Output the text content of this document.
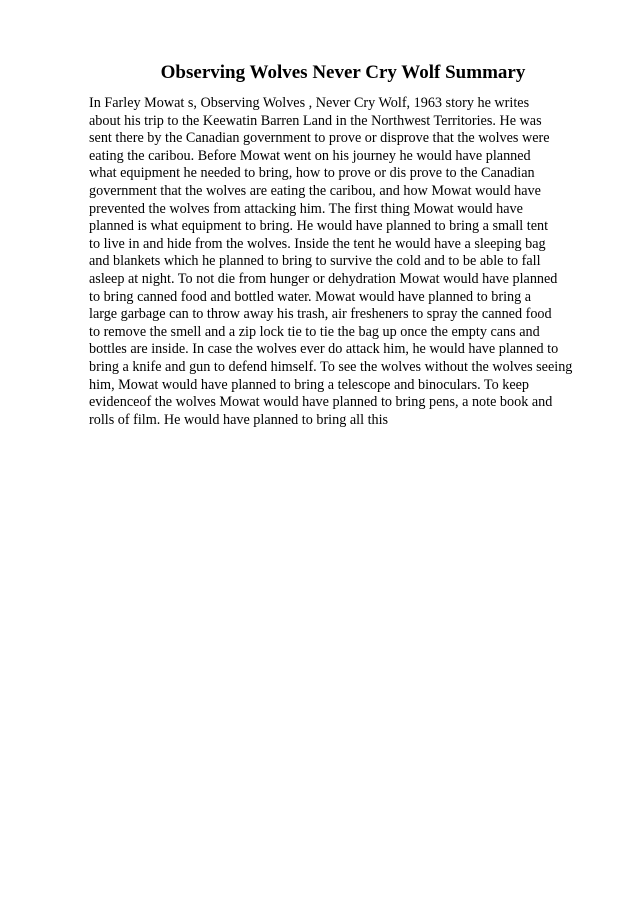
Observing Wolves Never Cry Wolf Summary
In Farley Mowat s, Observing Wolves , Never Cry Wolf, 1963 story he writes
about his trip to the Keewatin Barren Land in the Northwest Territories. He was
sent there by the Canadian government to prove or disprove that the wolves were
eating the caribou. Before Mowat went on his journey he would have planned
what equipment he needed to bring, how to prove or dis prove to the Canadian
government that the wolves are eating the caribou, and how Mowat would have
prevented the wolves from attacking him. The first thing Mowat would have
planned is what equipment to bring. He would have planned to bring a small tent
to live in and hide from the wolves. Inside the tent he would have a sleeping bag
and blankets which he planned to bring to survive the cold and to be able to fall
asleep at night. To not die from hunger or dehydration Mowat would have planned
to bring canned food and bottled water. Mowat would have planned to bring a
large garbage can to throw away his trash, air fresheners to spray the canned food
to remove the smell and a zip lock tie to tie the bag up once the empty cans and
bottles are inside. In case the wolves ever do attack him, he would have planned to
bring a knife and gun to defend himself. To see the wolves without the wolves seeing
him, Mowat would have planned to bring a telescope and binoculars. To keep
evidenceof the wolves Mowat would have planned to bring pens, a note book and
rolls of film. He would have planned to bring all this
